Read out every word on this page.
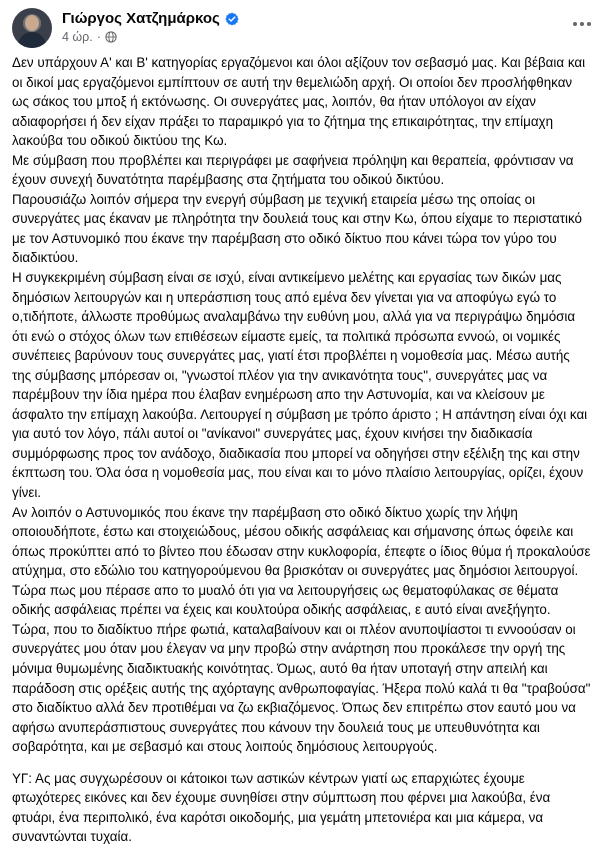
Γιώργος Χατζημάρκος
4 ώρ. ·

Δεν υπάρχουν Α' και Β' κατηγορίας εργαζόμενοι και όλοι αξίζουν τον σεβασμό μας. Και βέβαια και οι δικοί μας εργαζόμενοι εμπίπτουν σε αυτή την θεμελιώδη αρχή. Οι οποίοι δεν προσλήφθηκαν ως σάκος του μποξ ή εκτόνωσης. Οι συνεργάτες μας, λοιπόν, θα ήταν υπόλογοι αν είχαν αδιαφορήσει ή δεν είχαν πράξει το παραμικρό για το ζήτημα της επικαιρότητας, την επίμαχη λακούβα του οδικού δικτύου της Κω.

Με σύμβαση που προβλέπει και περιγράφει με σαφήνεια πρόληψη και θεραπεία, φρόντισαν να έχουν συνεχή δυνατότητα παρέμβασης στα ζητήματα του οδικού δικτύου.

Παρουσιάζω λοιπόν σήμερα την ενεργή σύμβαση με τεχνική εταιρεία μέσω της οποίας οι συνεργάτες μας έκαναν με πληρότητα την δουλειά τους και στην Κω, όπου είχαμε το περιστατικό με τον Αστυνομικό που έκανε την παρέμβαση στο οδικό δίκτυο που κάνει τώρα τον γύρο του διαδικτύου.

Η συγκεκριμένη σύμβαση είναι σε ισχύ, είναι αντικείμενο μελέτης και εργασίας των δικών μας δημόσιων λειτουργών και η υπεράσπιση τους από εμένα δεν γίνεται για να αποφύγω εγώ το ο,τιδήποτε, άλλωστε προθύμως αναλαμβάνω την ευθύνη μου, αλλά για να περιγράψω δημόσια ότι ενώ ο στόχος όλων των επιθέσεων είμαστε εμείς, τα πολιτικά πρόσωπα εννοώ, οι νομικές συνέπειες βαρύνουν τους συνεργάτες μας, γιατί έτσι προβλέπει η νομοθεσία μας. Μέσω αυτής της σύμβασης μπόρεσαν οι, "γνωστοί πλέον για την ανικανότητα τους", συνεργάτες μας να παρέμβουν την ίδια ημέρα που έλαβαν ενημέρωση απο την Αστυνομία, και να κλείσουν με άσφαλτο την επίμαχη λακούβα. Λειτουργεί η σύμβαση με τρόπο άριστο ; Η απάντηση είναι όχι και για αυτό τον λόγο, πάλι αυτοί οι "ανίκανοι" συνεργάτες μας, έχουν κινήσει την διαδικασία συμμόρφωσης προς τον ανάδοχο, διαδικασία που μπορεί να οδηγήσει στην εξέλιξη της και στην έκπτωση του. Όλα όσα η νομοθεσία μας, που είναι και το μόνο πλαίσιο λειτουργίας, ορίζει, έχουν γίνει.

Αν λοιπόν ο Αστυνομικός που έκανε την παρέμβαση στο οδικό δίκτυο χωρίς την λήψη οποιουδήποτε, έστω και στοιχειώδους, μέσου οδικής ασφάλειας και σήμανσης όπως όφειλε και όπως προκύπτει από το βίντεο που έδωσαν στην κυκλοφορία, έπεφτε ο ίδιος θύμα ή προκαλούσε ατύχημα, στο εδώλιο του κατηγορούμενου θα βρισκόταν οι συνεργάτες μας δημόσιοι λειτουργοί.

Τώρα πως μου πέρασε απο το μυαλό ότι για να λειτουργήσεις ως θεματοφύλακας σε θέματα οδικής ασφάλειας πρέπει να έχεις και κουλτούρα οδικής ασφάλειας, ε αυτό είναι ανεξήγητο.

Τώρα, που το διαδίκτυο πήρε φωτιά, καταλαβαίνουν και οι πλέον ανυποψίαστοι τι εννοούσαν οι συνεργάτες μου όταν μου έλεγαν να μην προβώ στην ανάρτηση που προκάλεσε την οργή της μόνιμα θυμωμένης διαδικτυακής κοινότητας. Όμως, αυτό θα ήταν υποταγή στην απειλή και παράδοση στις ορέξεις αυτής της αχόρταγης ανθρωποφαγίας. Ήξερα πολύ καλά τι θα "τραβούσα" στο διαδίκτυο αλλά δεν προτιθέμαι να ζω εκβιαζόμενος. Όπως δεν επιτρέπω στον εαυτό μου να αφήσω ανυπεράσπιστους συνεργάτες που κάνουν την δουλειά τους με υπευθυνότητα και σοβαρότητα, και με σεβασμό και στους λοιπούς δημόσιους λειτουργούς.

ΥΓ: Ας μας συγχωρέσουν οι κάτοικοι των αστικών κέντρων γιατί ως επαρχιώτες έχουμε φτωχότερες εικόνες και δεν έχουμε συνηθίσει στην σύμπτωση που φέρνει μια λακούβα, ένα φτυάρι, ένα περιπολικό, ένα καρότσι οικοδομής, μια γεμάτη μπετονιέρα και μια κάμερα, να συναντώνται τυχαία.
